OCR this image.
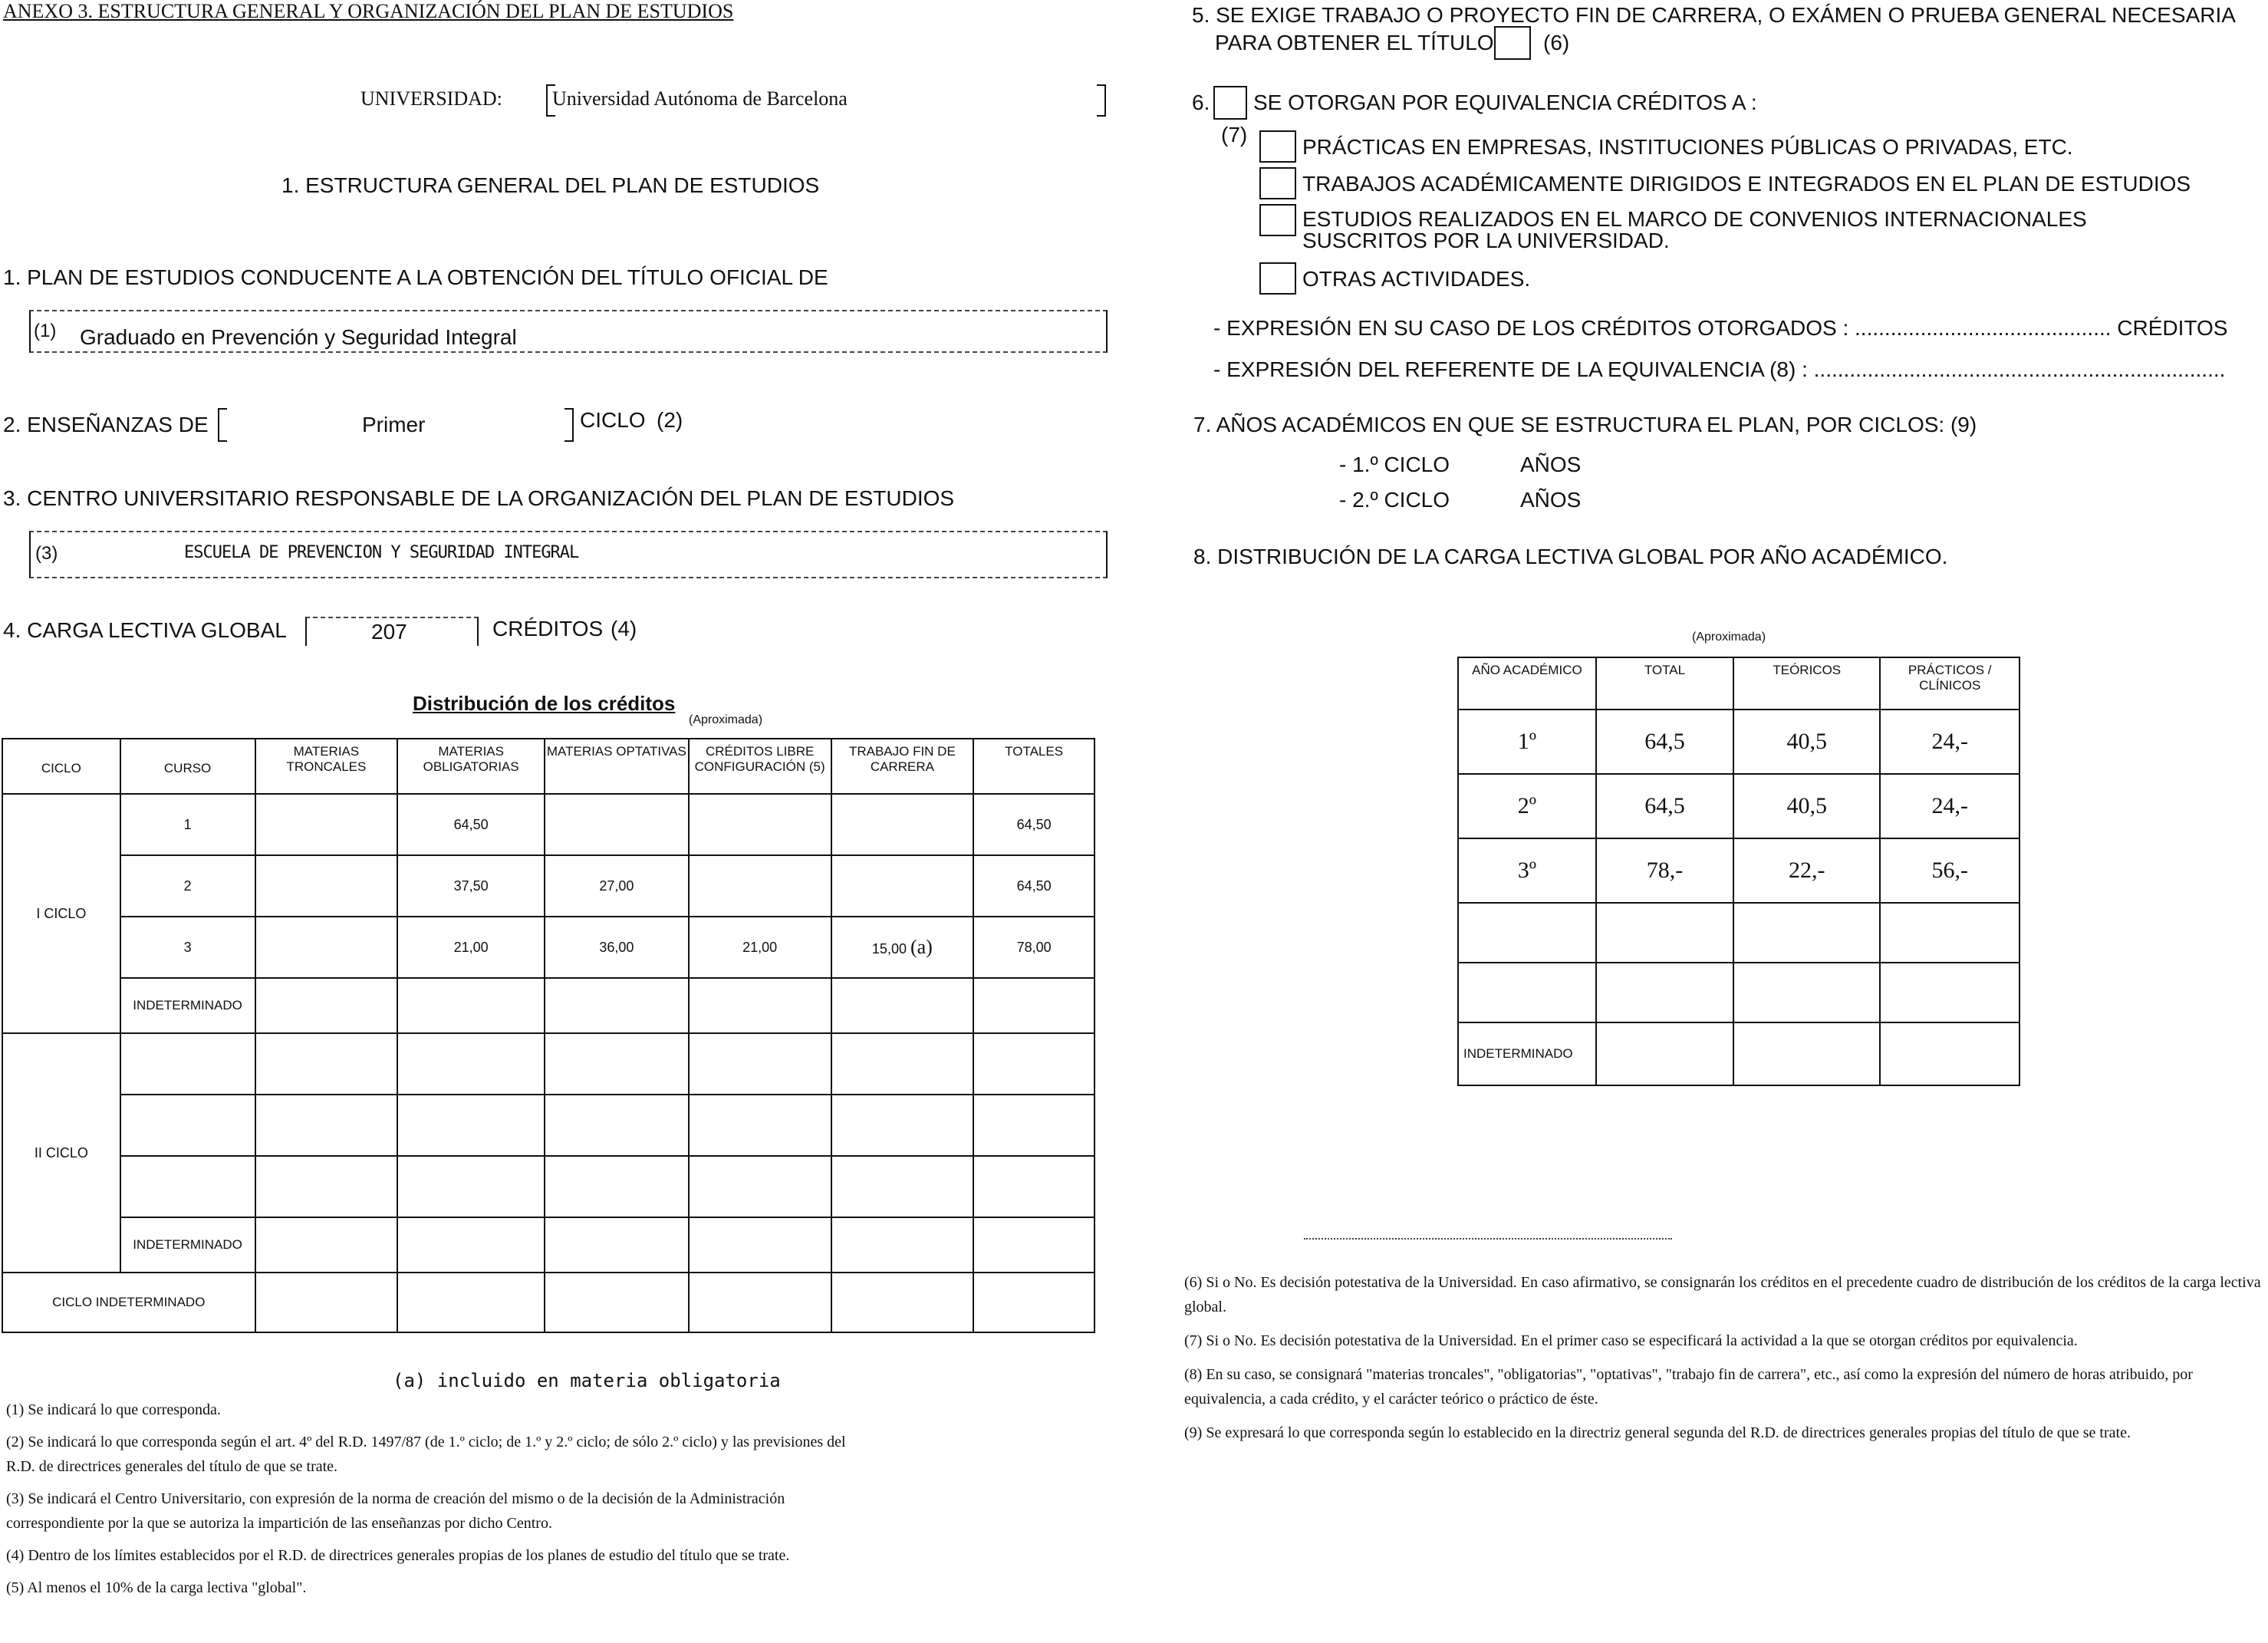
ANEXO 3. ESTRUCTURA GENERAL Y ORGANIZACIÓN DEL PLAN DE ESTUDIOS
UNIVERSIDAD:	Universidad Autónoma de Barcelona
1. ESTRUCTURA GENERAL DEL PLAN DE ESTUDIOS
1. PLAN DE ESTUDIOS CONDUCENTE A LA OBTENCIÓN DEL TÍTULO OFICIAL DE
(1) Graduado en Prevención y Seguridad Integral
2. ENSEÑANZAS DE	Primer	CICLO (2)
3. CENTRO UNIVERSITARIO RESPONSABLE DE LA ORGANIZACIÓN DEL PLAN DE ESTUDIOS
(3)	ESCUELA DE PREVENCION Y SEGURIDAD INTEGRAL
4. CARGA LECTIVA GLOBAL	207	CRÉDITOS (4)
Distribución de los créditos
(Aproximada)
CICLO	CURSO	MATERIAS TRONCALES	MATERIAS OBLIGATORIAS	MATERIAS OPTATIVAS	CRÉDITOS LIBRE CONFIGURACIÓN (5)	TRABAJO FIN DE CARRERA	TOTALES
I CICLO	1		64,50				64,50
	2		37,50	27,00			64,50
	3		21,00	36,00	21,00	15,00 (a)	78,00
	INDETERMINADO						
II CICLO							

	INDETERMINADO						
CICLO INDETERMINADO							
(a) incluido en materia obligatoria
(1) Se indicará lo que corresponda.
(2) Se indicará lo que corresponda según el art. 4º del R.D. 1497/87 (de 1.º ciclo; de 1.º y 2.º ciclo; de sólo 2.º ciclo) y las previsiones del R.D. de directrices generales del título de que se trate.
(3) Se indicará el Centro Universitario, con expresión de la norma de creación del mismo o de la decisión de la Administración correspondiente por la que se autoriza la impartición de las enseñanzas por dicho Centro.
(4) Dentro de los límites establecidos por el R.D. de directrices generales propias de los planes de estudio del título que se trate.
(5) Al menos el 10% de la carga lectiva "global".
5. SE EXIGE TRABAJO O PROYECTO FIN DE CARRERA, O EXÁMEN O PRUEBA GENERAL NECESARIA
PARA OBTENER EL TÍTULO (6)
6. SE OTORGAN POR EQUIVALENCIA CRÉDITOS A :
(7)
PRÁCTICAS EN EMPRESAS, INSTITUCIONES PÚBLICAS O PRIVADAS, ETC.
TRABAJOS ACADÉMICAMENTE DIRIGIDOS E INTEGRADOS EN EL PLAN DE ESTUDIOS
ESTUDIOS REALIZADOS EN EL MARCO DE CONVENIOS INTERNACIONALES SUSCRITOS POR LA UNIVERSIDAD.
OTRAS ACTIVIDADES.
- EXPRESIÓN EN SU CASO DE LOS CRÉDITOS OTORGADOS : ........................................... CRÉDITOS
- EXPRESIÓN DEL REFERENTE DE LA EQUIVALENCIA (8) : .....................................................................
7. AÑOS ACADÉMICOS EN QUE SE ESTRUCTURA EL PLAN, POR CICLOS: (9)
- 1.º CICLO	AÑOS
- 2.º CICLO	AÑOS
8. DISTRIBUCIÓN DE LA CARGA LECTIVA GLOBAL POR AÑO ACADÉMICO.
(Aproximada)
AÑO ACADÉMICO	TOTAL	TEÓRICOS	PRÁCTICOS / CLÍNICOS
1º	64,5	40,5	24,-
2º	64,5	40,5	24,-
3º	78,-	22,-	56,-

INDETERMINADO			
(6) Si o No. Es decisión potestativa de la Universidad. En caso afirmativo, se consignarán los créditos en el precedente cuadro de distribución de los créditos de la carga lectiva global.
(7) Si o No. Es decisión potestativa de la Universidad. En el primer caso se especificará la actividad a la que se otorgan créditos por equivalencia.
(8) En su caso, se consignará "materias troncales", "obligatorias", "optativas", "trabajo fin de carrera", etc., así como la expresión del número de horas atribuido, por equivalencia, a cada crédito, y el carácter teórico o práctico de éste.
(9) Se expresará lo que corresponda según lo establecido en la directriz general segunda del R.D. de directrices generales propias del título de que se trate.
